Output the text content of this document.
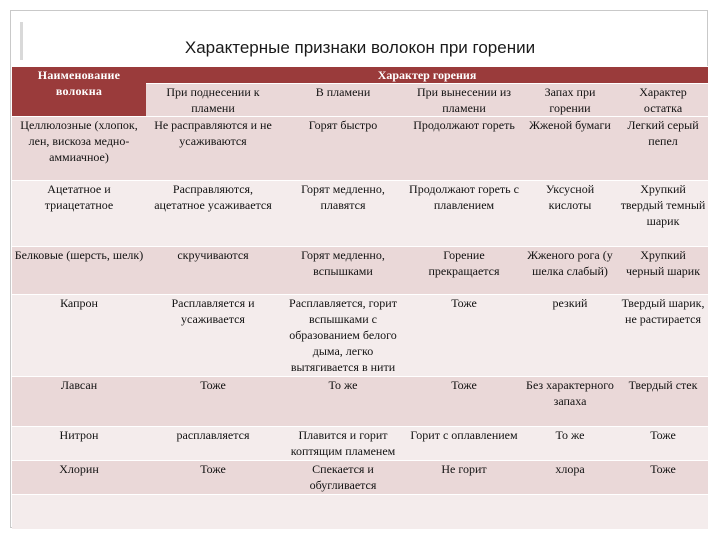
Характерные признаки волокон при горении
Наименование волокна	Характер горения				
	При поднесении к пламени	В пламени	При вынесении из пламени	Запах при горении	Характер остатка
Целлюлозные (хлопок, лен, вискоза медно-аммиачное)	Не расправляются и не усаживаются	Горят быстро	Продолжают гореть	Жженой бумаги	Легкий серый пепел
Ацетатное и триацетатное	Расправляются, ацетатное усаживается	Горят медленно, плавятся	Продолжают гореть с плавлением	Уксусной кислоты	Хрупкий твердый темный шарик
Белковые (шерсть, шелк)	скручиваются	Горят медленно, вспышками	Горение прекращается	Жженого рога (у шелка слабый)	Хрупкий черный шарик
Капрон	Расплавляется и усаживается	Расплавляется, горит вспышками с образованием белого дыма, легко вытягивается в нити	Тоже	резкий	Твердый шарик, не растирается
Лавсан	Тоже	То же	Тоже	Без характерного запаха	Твердый стек
Нитрон	расплавляется	Плавится и горит коптящим пламенем	Горит с оплавлением	То же	Тоже
Хлорин	Тоже	Спекается и обугливается	Не горит	хлора	Тоже
